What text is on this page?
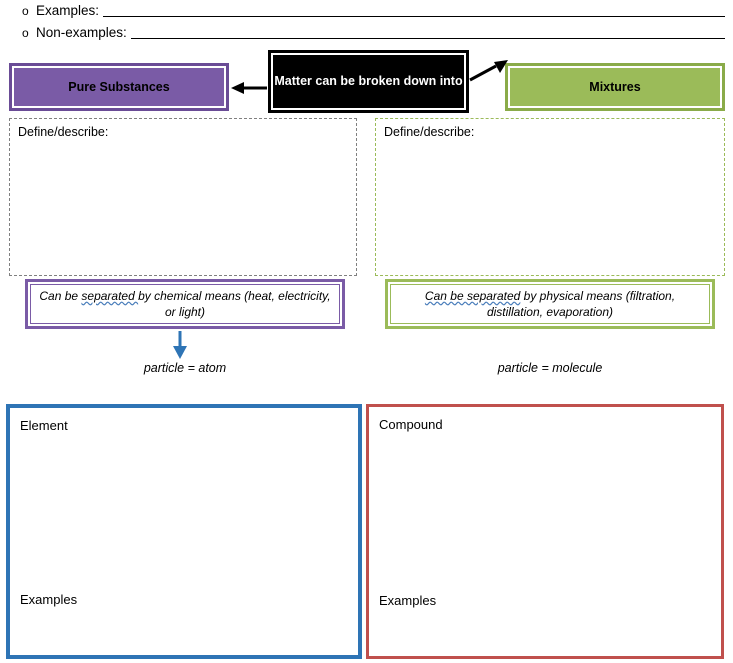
o Examples:
o Non-examples:
Pure Substances	Matter can be broken down into	Mixtures
Define/describe:	Define/describe:
Can be separated by chemical means (heat, electricity, or light)
Can be separated by physical means (filtration, distillation, evaporation)
particle = atom	particle = molecule
Element
Examples
Compound
Examples
